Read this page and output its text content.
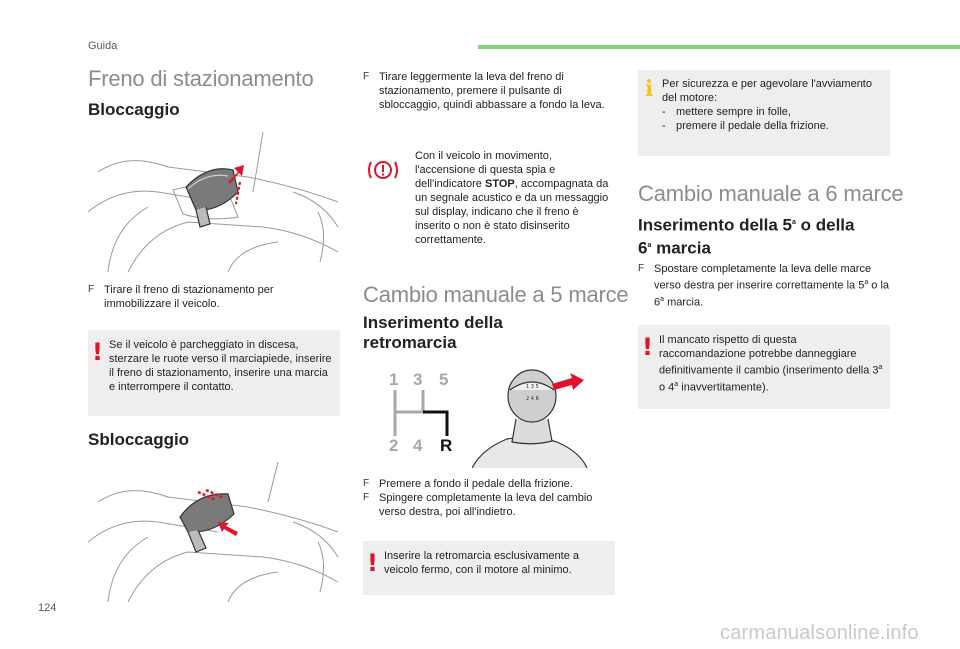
Guida
Freno di stazionamento
Bloccaggio
F Tirare il freno di stazionamento per immobilizzare il veicolo.
! Se il veicolo è parcheggiato in discesa, sterzare le ruote verso il marciapiede, inserire il freno di stazionamento, inserire una marcia e interrompere il contatto.
Sbloccaggio
F Tirare leggermente la leva del freno di stazionamento, premere il pulsante di sbloccaggio, quindi abbassare a fondo la leva.
Con il veicolo in movimento, l'accensione di questa spia e dell'indicatore STOP, accompagnata da un segnale acustico e da un messaggio sul display, indicano che il freno è inserito o non è stato disinserito correttamente.
Cambio manuale a 5 marce
Inserimento della
retromarcia
1 3 5
2 4 R
1 3 5
2 4 R
F Premere a fondo il pedale della frizione.
F Spingere completamente la leva del cambio verso destra, poi all'indietro.
! Inserire la retromarcia esclusivamente a veicolo fermo, con il motore al minimo.
i Per sicurezza e per agevolare l'avviamento del motore:
- mettere sempre in folle,
- premere il pedale della frizione.
Cambio manuale a 6 marce
Inserimento della 5$^a$ o della
6$^a$ marcia
F Spostare completamente la leva delle marce verso destra per inserire correttamente la 5$^a$ o la 6$^a$ marcia.
! Il mancato rispetto di questa raccomandazione potrebbe danneggiare definitivamente il cambio (inserimento della 3$^a$ o 4$^a$ inavvertitamente).
124
carmanualsonline.info
